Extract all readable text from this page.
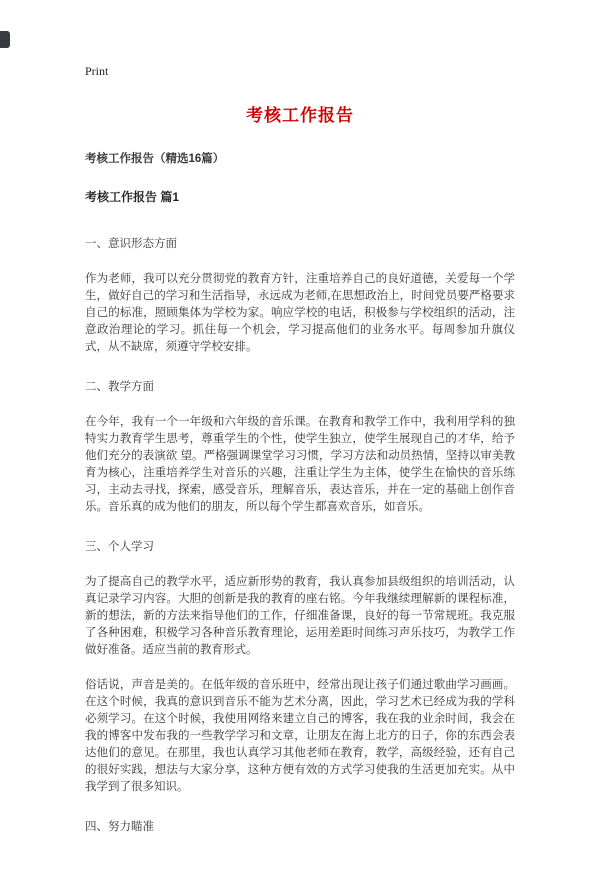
Print
考核工作报告
考核工作报告（精选16篇）
考核工作报告 篇1
一、意识形态方面

作为老师，我可以充分贯彻党的教育方针，注重培养自己的良好道德，关爱每一个学生，做好自己的学习和生活指导，永远成为老师,在思想政治上，时间党员要严格要求自己的标准，照顾集体为学校为家。响应学校的电话，积极参与学校组织的活动，注意政治理论的学习。抓住每一个机会，学习提高他们的业务水平。每周参加升旗仪式，从不缺席，须遵守学校安排。

二、教学方面

在今年，我有一个一年级和六年级的音乐课。在教育和教学工作中，我利用学科的独特实力教育学生思考，尊重学生的个性，使学生独立，使学生展现自己的才华，给予他们充分的表演欲 望。严格强调课堂学习习惯，学习方法和动员热情，坚持以审美教育为核心，注重培养学生对音乐的兴趣，注重让学生为主体，使学生在愉快的音乐练习，主动去寻找，探索，感受音乐，理解音乐，表达音乐，并在一定的基础上创作音乐。音乐真的成为他们的朋友，所以每个学生都喜欢音乐，如音乐。

三、个人学习

为了提高自己的教学水平，适应新形势的教育，我认真参加县级组织的培训活动，认真记录学习内容。大胆的创新是我的教育的座右铭。今年我继续理解新的课程标准，新的想法，新的方法来指导他们的工作，仔细准备课，良好的每一节常规班。我克服了各种困难，积极学习各种音乐教育理论，运用差距时间练习声乐技巧，为教学工作做好准备。适应当前的教育形式。

俗话说，声音是美的。在低年级的音乐班中，经常出现让孩子们通过歌曲学习画画。在这个时候，我真的意识到音乐不能为艺术分离，因此，学习艺术已经成为我的学科必须学习。在这个时候，我使用网络来建立自己的博客，我在我的业余时间，我会在我的博客中发布我的一些教学学习和文章，让朋友在海上北方的日子，你的东西会表达他们的意见。在那里，我也认真学习其他老师在教育，教学，高级经验，还有自己的很好实践，想法与大家分享，这种方便有效的方式学习使我的生活更加充实。从中我学到了很多知识。

四、努力瞄准
